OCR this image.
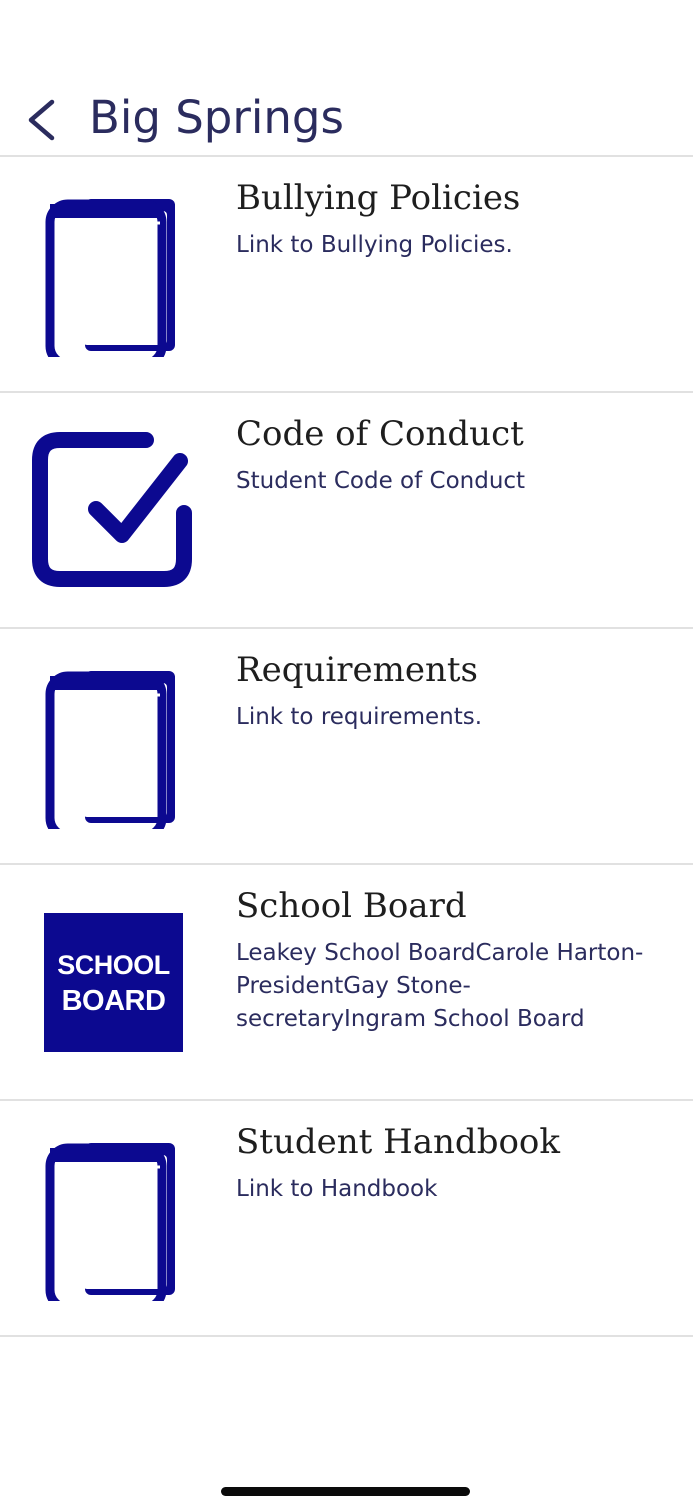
Big Springs
Bullying Policies
Link to Bullying Policies.
Code of Conduct
Student Code of Conduct
Requirements
Link to requirements.
SCHOOL
BOARD
School Board
Leakey School BoardCarole Harton-PresidentGay Stone-secretaryIngram School Board
Student Handbook
Link to Handbook
